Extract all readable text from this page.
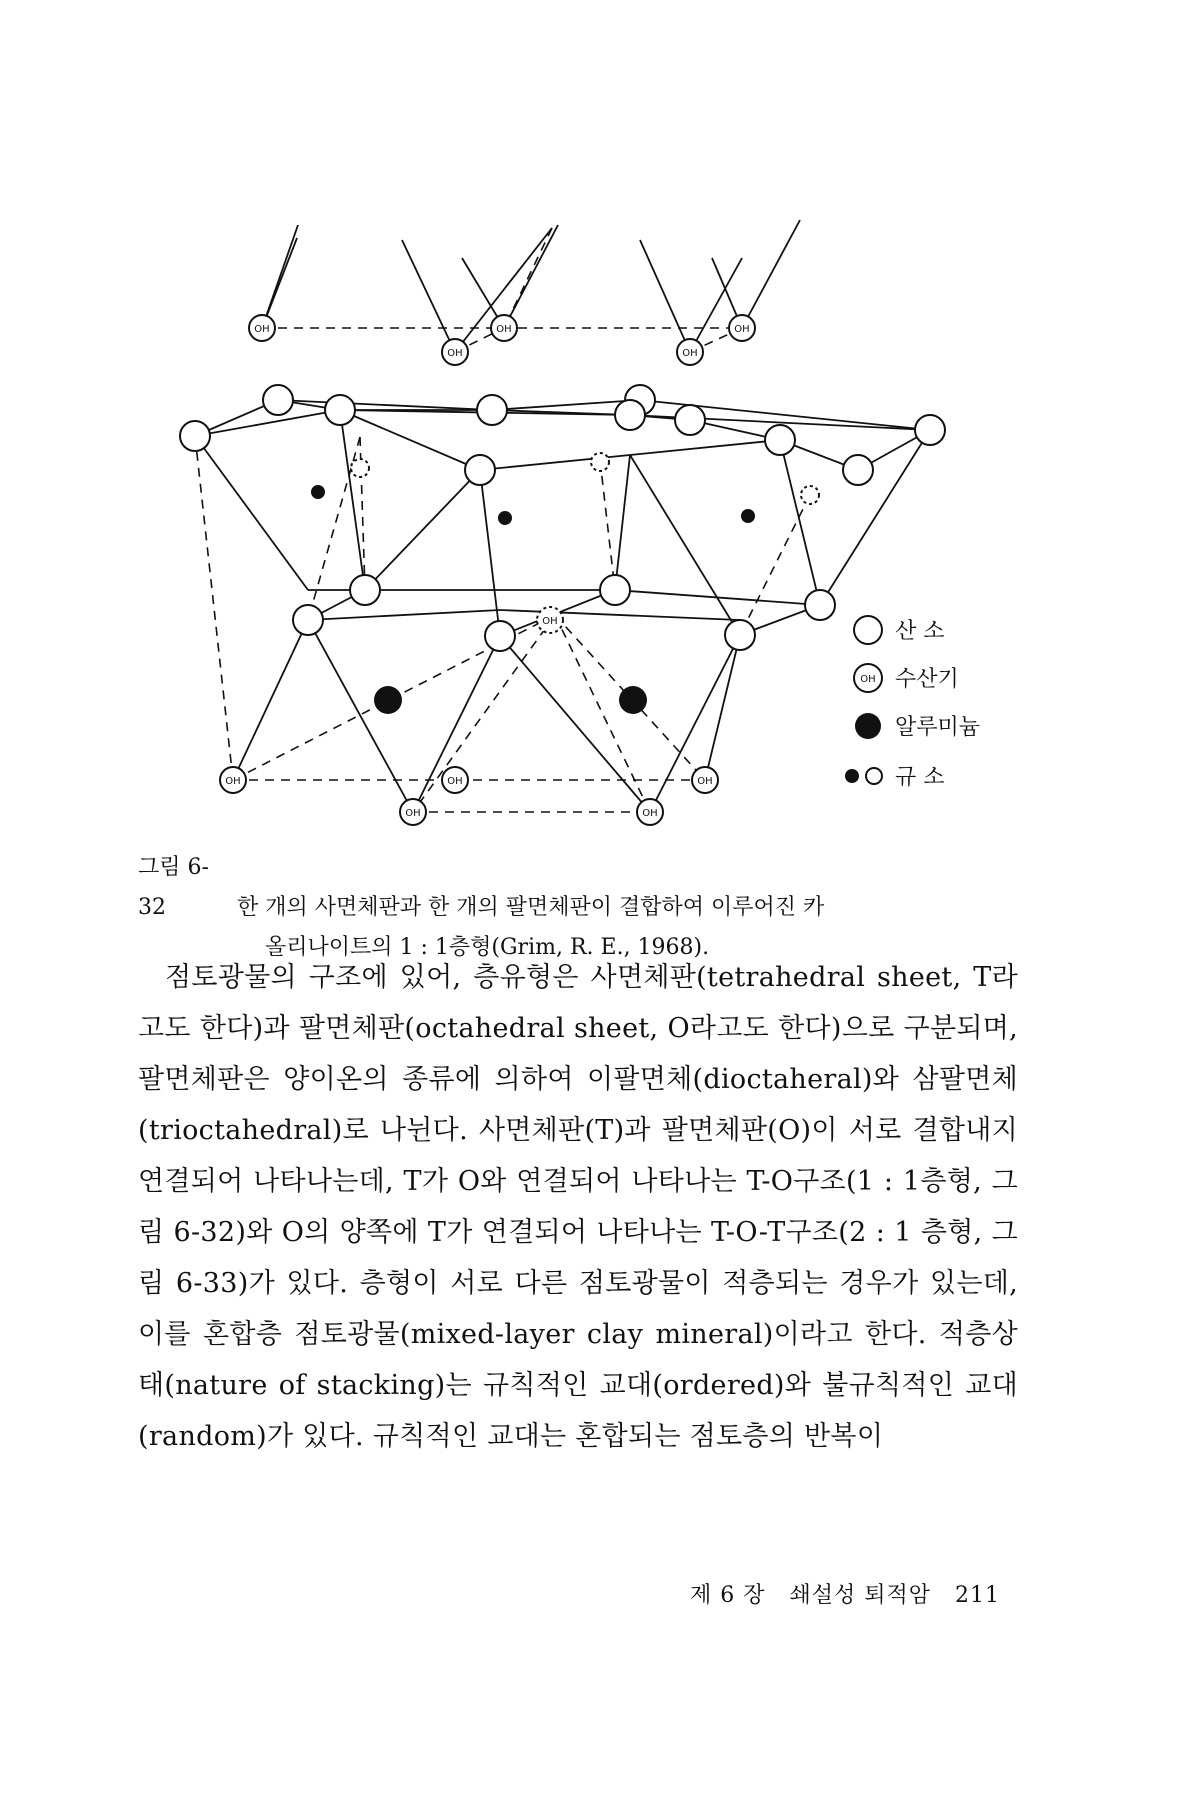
OH
OH
OH
OH
OH
OH
OH
OH
OH
OH
OH
산 소
OH 수산기
알루미늄
규 소
그림 6-32	한 개의 사면체판과 한 개의 팔면체판이 결합하여 이루어진 카
올리나이트의 1 : 1층형(Grim, R. E., 1968).

점토광물의 구조에 있어, 층유형은 사면체판(tetrahedral sheet, T라고도 한다)과 팔면체판(octahedral sheet, O라고도 한다)으로 구분되며, 팔면체판은 양이온의 종류에 의하여 이팔면체(dioctaheral)와 삼팔면체(trioctahedral)로 나뉜다. 사면체판(T)과 팔면체판(O)이 서로 결합내지 연결되어 나타나는데, T가 O와 연결되어 나타나는 T-O구조(1 : 1층형, 그림 6-32)와 O의 양쪽에 T가 연결되어 나타나는 T-O-T구조(2 : 1 층형, 그림 6-33)가 있다. 층형이 서로 다른 점토광물이 적층되는 경우가 있는데, 이를 혼합층 점토광물(mixed-layer clay mineral)이라고 한다. 적층상태(nature of stacking)는 규칙적인 교대(ordered)와 불규칙적인 교대(random)가 있다. 규칙적인 교대는 혼합되는 점토층의 반복이

제 6 장 쇄설성 퇴적암 211
